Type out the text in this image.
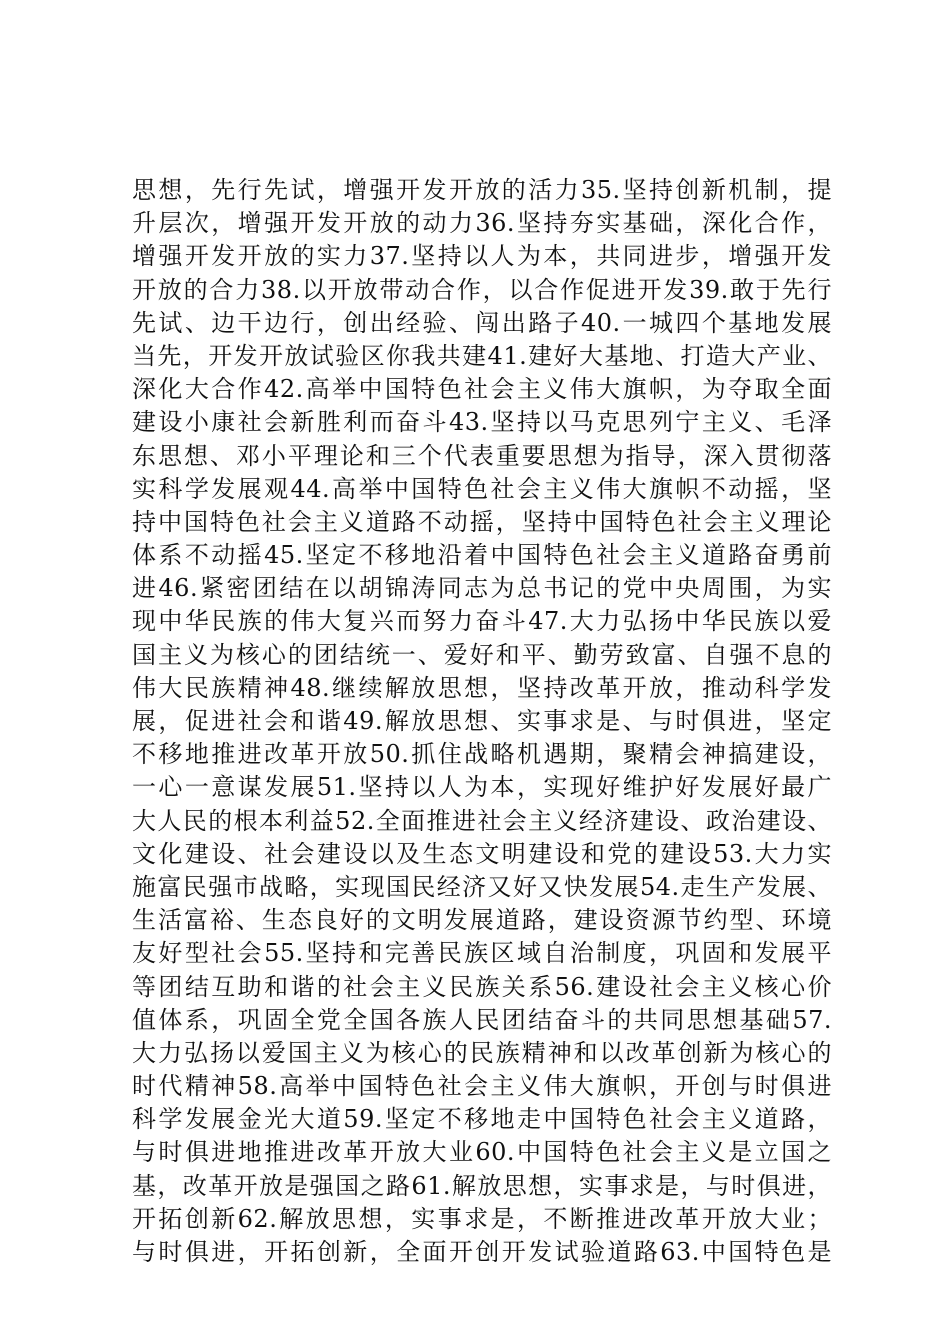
思想，先行先试，增强开发开放的活力35.坚持创新机制，提
升层次，增强开发开放的动力36.坚持夯实基础，深化合作，
增强开发开放的实力37.坚持以人为本，共同进步，增强开发
开放的合力38.以开放带动合作，以合作促进开发39.敢于先行
先试、边干边行，创出经验、闯出路子40.一城四个基地发展
当先，开发开放试验区你我共建41.建好大基地、打造大产业、
深化大合作42.高举中国特色社会主义伟大旗帜，为夺取全面
建设小康社会新胜利而奋斗43.坚持以马克思列宁主义、毛泽
东思想、邓小平理论和三个代表重要思想为指导，深入贯彻落
实科学发展观44.高举中国特色社会主义伟大旗帜不动摇，坚
持中国特色社会主义道路不动摇，坚持中国特色社会主义理论
体系不动摇45.坚定不移地沿着中国特色社会主义道路奋勇前
进46.紧密团结在以胡锦涛同志为总书记的党中央周围，为实
现中华民族的伟大复兴而努力奋斗47.大力弘扬中华民族以爱
国主义为核心的团结统一、爱好和平、勤劳致富、自强不息的
伟大民族精神48.继续解放思想，坚持改革开放，推动科学发
展，促进社会和谐49.解放思想、实事求是、与时俱进，坚定
不移地推进改革开放50.抓住战略机遇期，聚精会神搞建设，
一心一意谋发展51.坚持以人为本，实现好维护好发展好最广
大人民的根本利益52.全面推进社会主义经济建设、政治建设、
文化建设、社会建设以及生态文明建设和党的建设53.大力实
施富民强市战略，实现国民经济又好又快发展54.走生产发展、
生活富裕、生态良好的文明发展道路，建设资源节约型、环境
友好型社会55.坚持和完善民族区域自治制度，巩固和发展平
等团结互助和谐的社会主义民族关系56.建设社会主义核心价
值体系，巩固全党全国各族人民团结奋斗的共同思想基础57.
大力弘扬以爱国主义为核心的民族精神和以改革创新为核心的
时代精神58.高举中国特色社会主义伟大旗帜，开创与时俱进
科学发展金光大道59.坚定不移地走中国特色社会主义道路，
与时俱进地推进改革开放大业60.中国特色社会主义是立国之
基，改革开放是强国之路61.解放思想，实事求是，与时俱进，
开拓创新62.解放思想，实事求是，不断推进改革开放大业；
与时俱进，开拓创新，全面开创开发试验道路63.中国特色是
